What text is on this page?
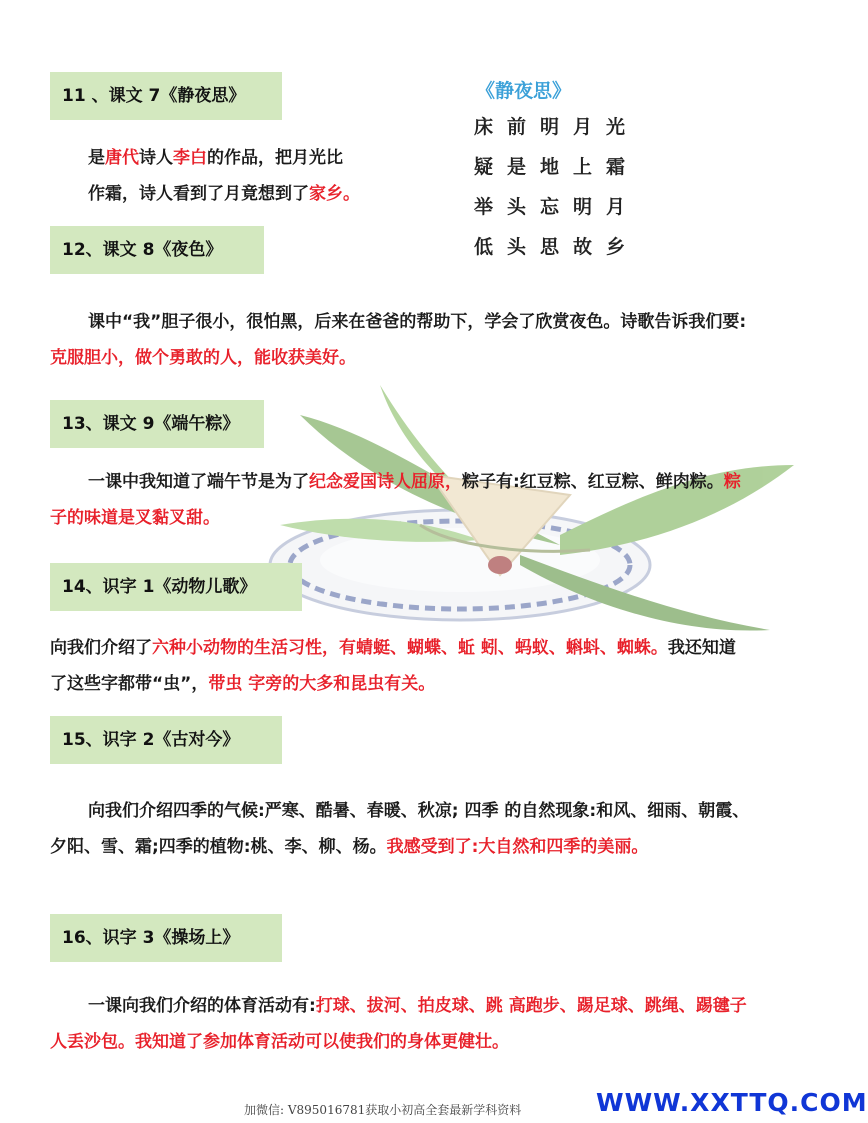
11 、课文 7《静夜思》

是唐代诗人李白的作品，把月光比
作霜，诗人看到了月竟想到了家乡。

《静夜思》

床前明月光

疑是地上霜

举头忘明月

低头思故乡

12、课文 8《夜色》

课中“我”胆子很小，很怕黑，后来在爸爸的帮助下，学会了欣赏夜色。诗歌告诉我们要:克服胆小，做个勇敢的人，能收获美好。

13、课文 9《端午粽》

一课中我知道了端午节是为了纪念爱国诗人屈原，粽子有:红豆粽、红豆粽、鲜肉粽。粽子的味道是叉黏叉甜。

14、识字 1《动物儿歌》

向我们介绍了六种小动物的生活习性，有蜻蜓、蝴蝶、蚯 蚓、蚂蚁、蝌蚪、蜘蛛。我还知道了这些字都带“虫”，带虫 字旁的大多和昆虫有关。

15、识字 2《古对今》

向我们介绍四季的气候:严寒、酷暑、春暖、秋凉; 四季 的自然现象:和风、细雨、朝霞、夕阳、雪、霜;四季的植物:桃、李、柳、杨。我感受到了:大自然和四季的美丽。

16、识字 3《操场上》

一课向我们介绍的体育活动有:打球、拔河、拍皮球、跳 高跑步、踢足球、跳绳、踢毽子人丢沙包。我知道了参加体育活动可以使我们的身体更健壮。

加微信: V895016781获取小初高全套最新学科资料	WWW.XXTTQ.COM
